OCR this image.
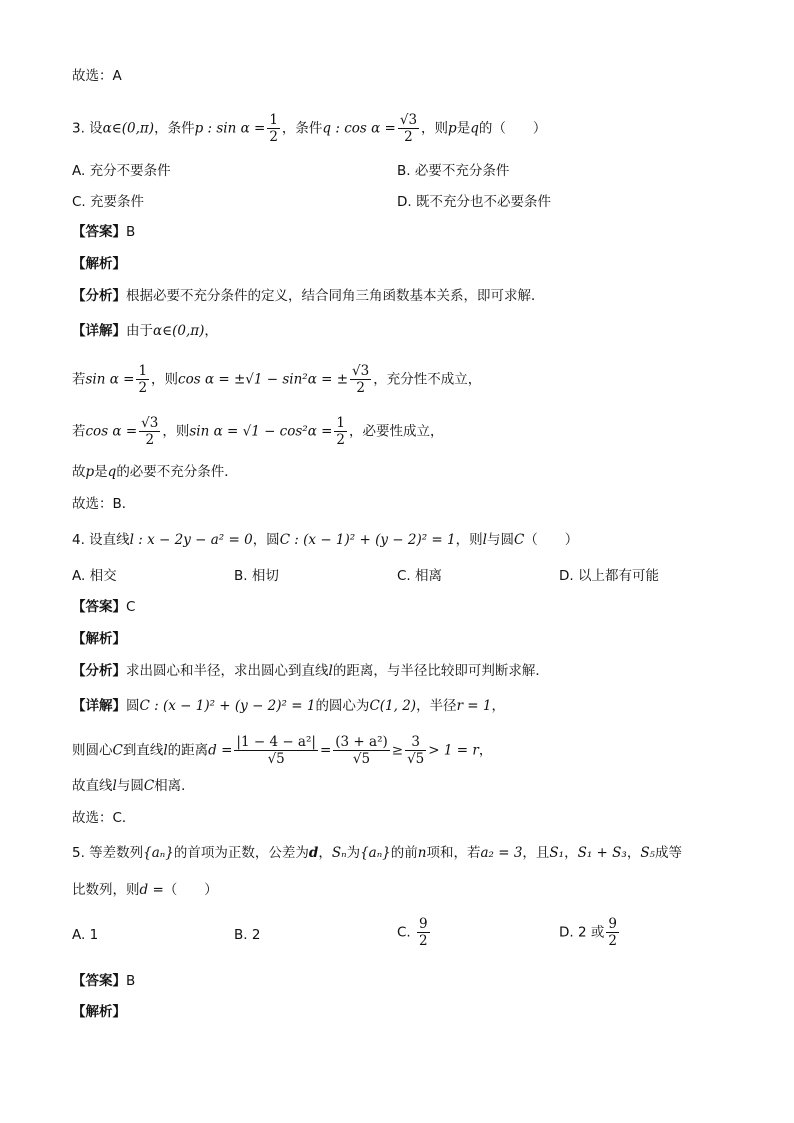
故选：A
3. 设α∈(0,π)，条件p : $\sin \alpha = \frac{1}{2}$ ，条件q : $\cos \alpha = \frac{√3}{2}$ ，则p是q的（　　）
A. 充分不要条件	B. 必要不充分条件
C. 充要条件	D. 既不充分也不必要条件
【答案】B
【解析】
【分析】根据必要不充分条件的定义，结合同角三角函数基本关系，即可求解．
【详解】由于α∈(0,π)，
若$\sin \alpha = \frac{1}{2}$ ，则cos α = ±√1 − sin²α = ± $\frac{√3}{2}$ ，充分性不成立，
若$\cos \alpha = \frac{√3}{2}$ ，则$\sin \alpha = √1 - \cos^2\alpha = \frac{1}{2}$ ，必要性成立，
故p是q的必要不充分条件．
故选：B．
4. 设直线l : x − 2y − a² = 0，圆C : (x − 1)² + (y − 2)² = 1，则l与圆C（　　）
A. 相交	B. 相切	C. 相离	D. 以上都有可能
【答案】C
【解析】
【分析】求出圆心和半径，求出圆心到直线l的距离，与半径比较即可判断求解．
【详解】圆C : (x − 1)² + (y − 2)² = 1的圆心为C(1, 2)，半径r = 1，
则圆心C到直线l的距离$d = \frac{\text{|1 − 4 − a²|}}{√5} = \frac{\text{(3 + a²)}}{√5} \ge \frac{3}{√5} > 1 = r$，
故直线l与圆C相离．
故选：C．
5. 等差数列{aₙ}的首项为正数，公差为d，Sₙ为{aₙ}的前n项和，若a₂ = 3，且S₁，S₁ + S₃，S₅成等
比数列，则d =（　　）
A. 1	B. 2	C. $\frac{9}{2}$	D. 2 或 $\frac{9}{2}$
【答案】B
【解析】
